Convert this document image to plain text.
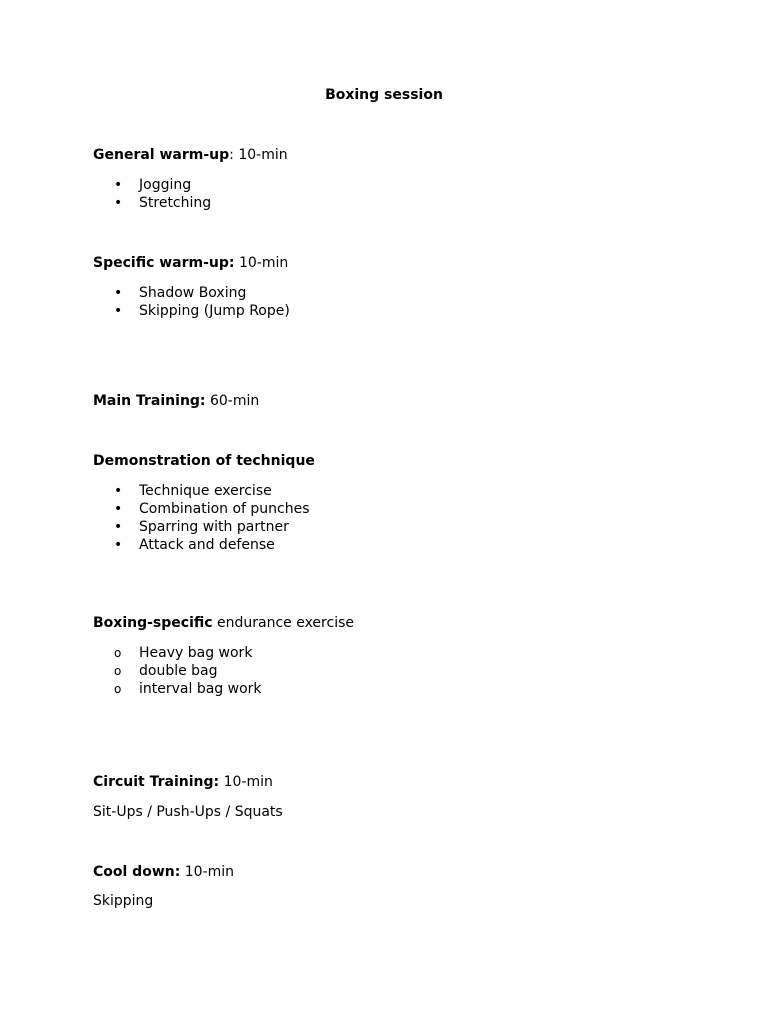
Boxing session

General warm-up: 10-min

• Jogging
• Stretching

Specific warm-up: 10-min

• Shadow Boxing
• Skipping (Jump Rope)

Main Training: 60-min

Demonstration of technique

• Technique exercise
• Combination of punches
• Sparring with partner
• Attack and defense

Boxing-specific endurance exercise

o	Heavy bag work
o	double bag
o	interval bag work

Circuit Training: 10-min

Sit-Ups / Push-Ups / Squats

Cool down: 10-min

Skipping
